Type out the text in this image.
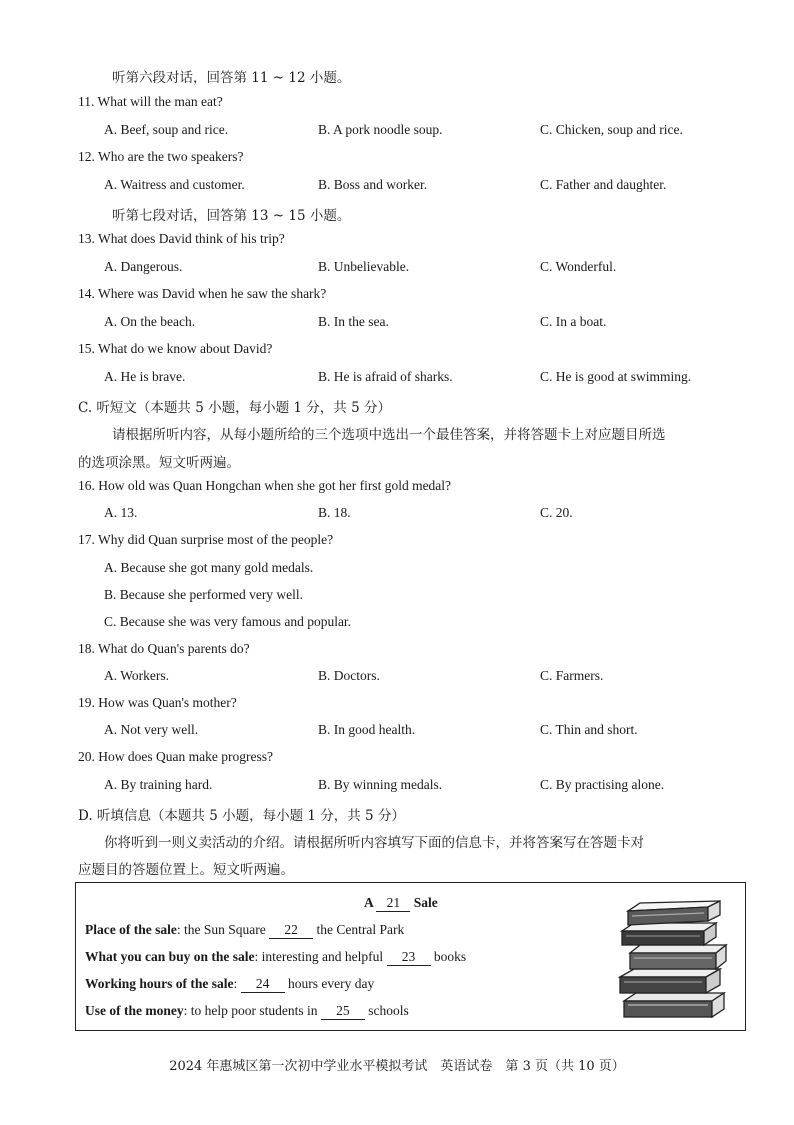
听第六段对话，回答第 11 ~ 12 小题。
11. What will the man eat?
A. Beef, soup and rice.	B. A pork noodle soup.	C. Chicken, soup and rice.
12. Who are the two speakers?
A. Waitress and customer.	B. Boss and worker.	C. Father and daughter.
听第七段对话，回答第 13 ~ 15 小题。
13. What does David think of his trip?
A. Dangerous.	B. Unbelievable.	C. Wonderful.
14. Where was David when he saw the shark?
A. On the beach.	B. In the sea.	C. In a boat.
15. What do we know about David?
A. He is brave.	B. He is afraid of sharks.	C. He is good at swimming.
C. 听短文（本题共 5 小题，每小题 1 分，共 5 分）
请根据所听内容，从每小题所给的三个选项中选出一个最佳答案，并将答题卡上对应题目所选
的选项涂黑。短文听两遍。
16. How old was Quan Hongchan when she got her first gold medal?
A. 13.	B. 18.	C. 20.
17. Why did Quan surprise most of the people?
A. Because she got many gold medals.
B. Because she performed very well.
C. Because she was very famous and popular.
18. What do Quan's parents do?
A. Workers.	B. Doctors.	C. Farmers.
19. How was Quan's mother?
A. Not very well.	B. In good health.	C. Thin and short.
20. How does Quan make progress?
A. By training hard.	B. By winning medals.	C. By practising alone.
D. 听填信息（本题共 5 小题，每小题 1 分，共 5 分）
你将听到一则义卖活动的介绍。请根据所听内容填写下面的信息卡，并将答案写在答题卡对
应题目的答题位置上。短文听两遍。
A 21 Sale
Place of the sale: the Sun Square 22 the Central Park
What you can buy on the sale: interesting and helpful 23 books
Working hours of the sale: 24 hours every day
Use of the money: to help poor students in 25 schools
2024 年惠城区第一次初中学业水平模拟考试　英语试卷　第 3 页（共 10 页）
